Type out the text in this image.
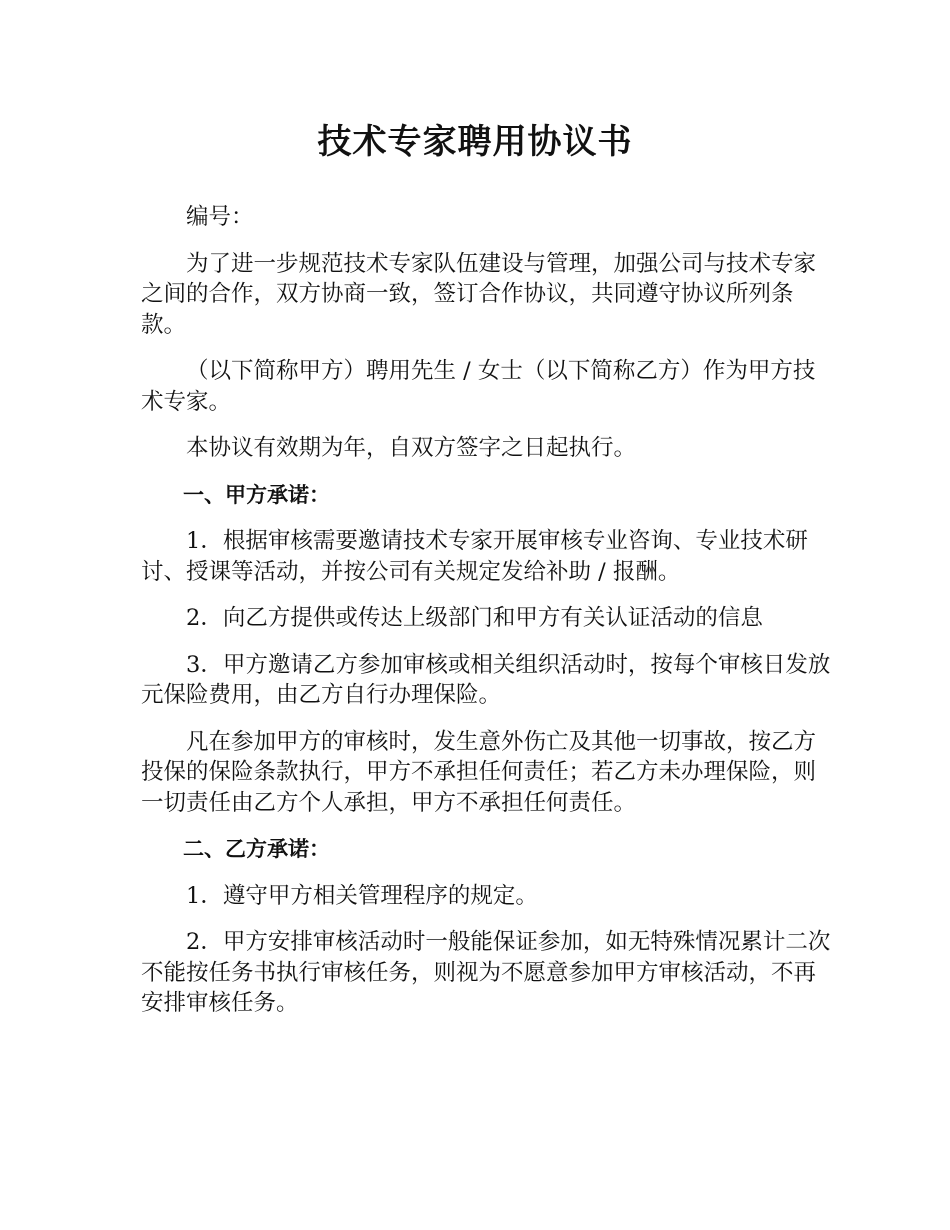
技术专家聘用协议书

编号：

为了进一步规范技术专家队伍建设与管理，加强公司与技术专家之间的合作，双方协商一致，签订合作协议，共同遵守协议所列条款。

（以下简称甲方）聘用先生 / 女士（以下简称乙方）作为甲方技术专家。

本协议有效期为年，自双方签字之日起执行。

一、甲方承诺：

1．根据审核需要邀请技术专家开展审核专业咨询、专业技术研讨、授课等活动，并按公司有关规定发给补助 / 报酬。

2．向乙方提供或传达上级部门和甲方有关认证活动的信息

3．甲方邀请乙方参加审核或相关组织活动时，按每个审核日发放元保险费用，由乙方自行办理保险。

凡在参加甲方的审核时，发生意外伤亡及其他一切事故，按乙方投保的保险条款执行，甲方不承担任何责任；若乙方未办理保险，则一切责任由乙方个人承担，甲方不承担任何责任。

二、乙方承诺：

1．遵守甲方相关管理程序的规定。

2．甲方安排审核活动时一般能保证参加，如无特殊情况累计二次不能按任务书执行审核任务，则视为不愿意参加甲方审核活动，不再安排审核任务。
